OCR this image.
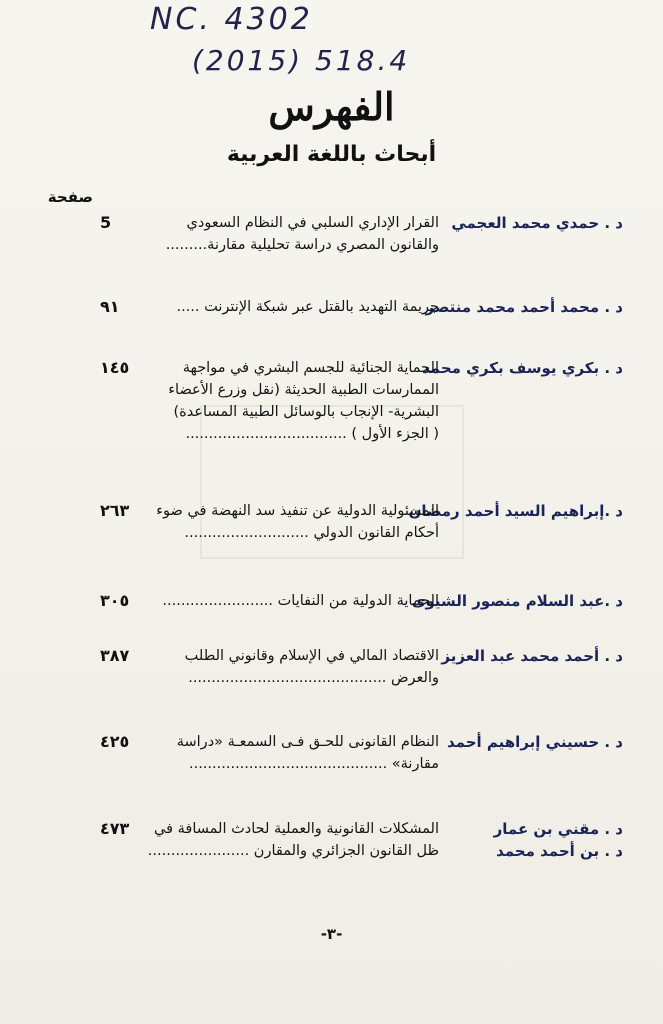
NC. 4302
(2015) 518.4
الفهرس
أبحاث باللغة العربية
صفحة
د . حمدي محمد العجمي
القرار الإداري السلبي في النظام السعودي
والقانون المصري دراسة تحليلية مقارنة.........
5
د . محمد أحمد محمد منتصر
جريمة التهديد بالقتل عبر شبكة الإنترنت .....
٩١
د . بكري يوسف بكري محمد
الحماية الجنائية للجسم البشري في مواجهة
الممارسات الطبية الحديثة (نقل وزرع الأعضاء
البشرية- الإنجاب بالوسائل الطبية المساعدة)
( الجزء الأول ) ...................................
١٤٥
د .إبراهيم السيد أحمد رمضان
المسئولية الدولية عن تنفيذ سد النهضة في ضوء
أحكام القانون الدولي ...........................
٢٦٣
د .عبد السلام منصور الشيوى
الحماية الدولية من النفايات ........................
٣٠٥
د . أحمد محمد عبد العزيز
الاقتصاد المالي في الإسلام وقانوني الطلب
والعرض ...........................................
٣٨٧
د . حسيني إبراهيم أحمد
النظام القانونى للحـق فـى السمعـة «دراسة
مقارنة» ...........................................
٤٢٥
د . مقني بن عمار
د . بن أحمد محمد
المشكلات القانونية والعملية لحادث المسافة في
ظل القانون الجزائري والمقارن ......................
٤٧٣
-٣-
